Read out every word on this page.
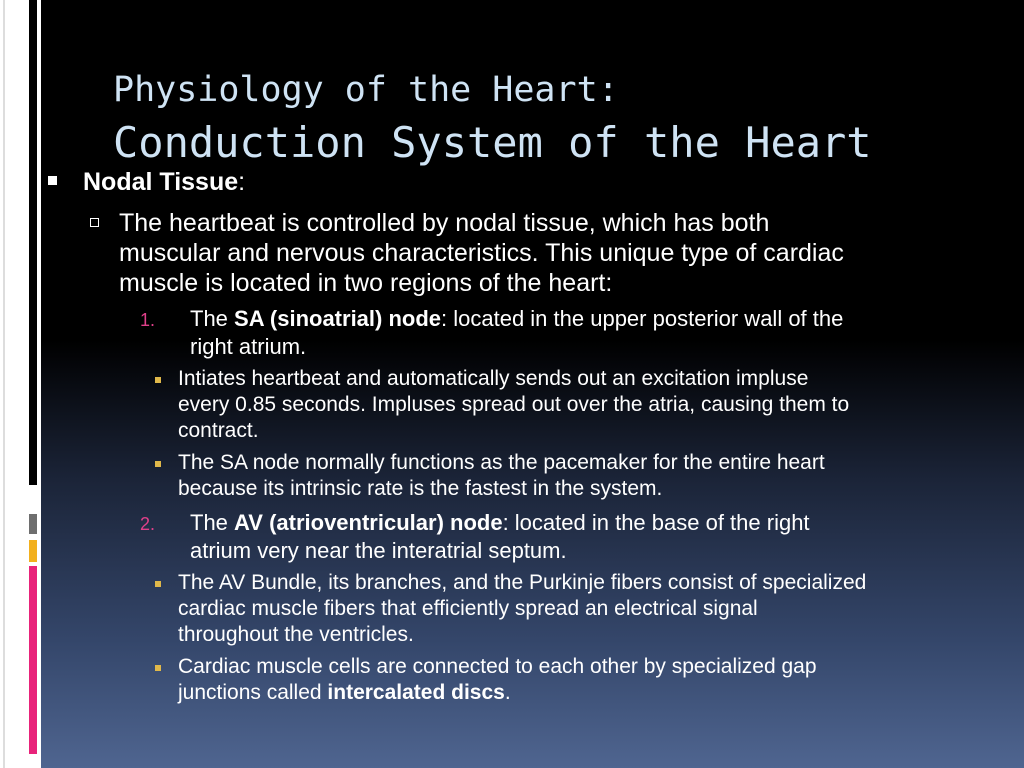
Physiology of the Heart:
Conduction System of the Heart
Nodal Tissue:
The heartbeat is controlled by nodal tissue, which has both
muscular and nervous characteristics. This unique type of cardiac
muscle is located in two regions of the heart:
1. The SA (sinoatrial) node: located in the upper posterior wall of the
right atrium.
Intiates heartbeat and automatically sends out an excitation impluse
every 0.85 seconds. Impluses spread out over the atria, causing them to
contract.
The SA node normally functions as the pacemaker for the entire heart
because its intrinsic rate is the fastest in the system.
2. The AV (atrioventricular) node: located in the base of the right
atrium very near the interatrial septum.
The AV Bundle, its branches, and the Purkinje fibers consist of specialized
cardiac muscle fibers that efficiently spread an electrical signal
throughout the ventricles.
Cardiac muscle cells are connected to each other by specialized gap
junctions called intercalated discs.
